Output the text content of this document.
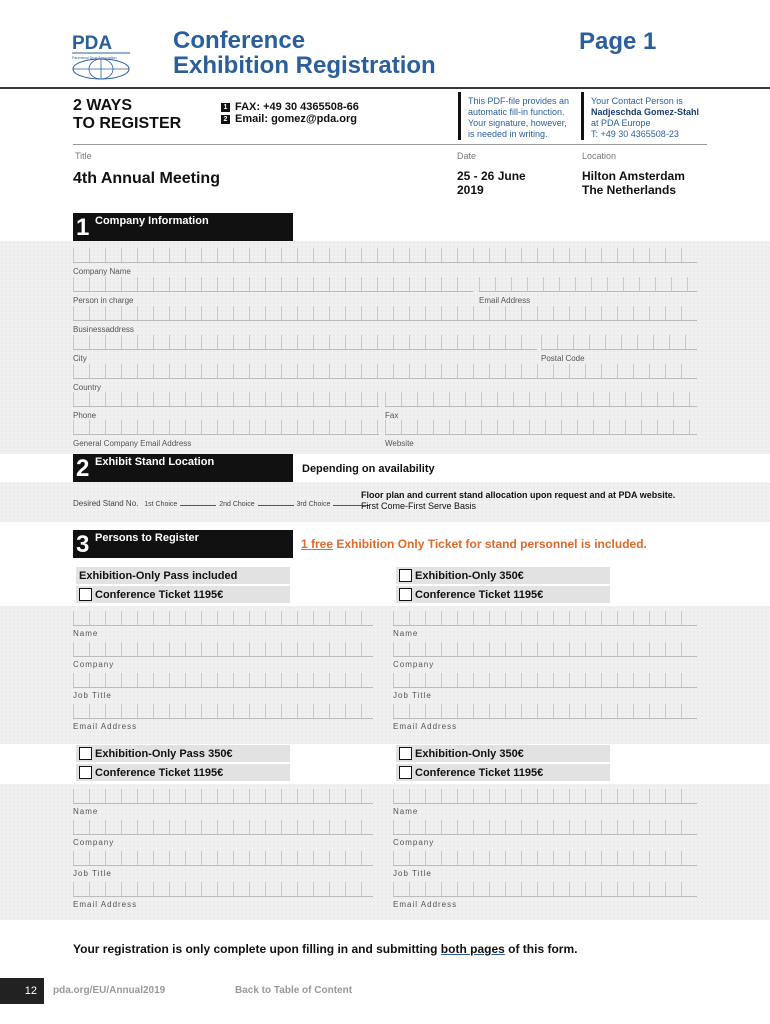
PDA
Parenteral Drug Association
Conference
Exhibition Registration
Page 1
2 WAYS
TO REGISTER
1 FAX: +49 30 4365508-66
2 Email: gomez@pda.org
This PDF-file provides an
automatic fill-in function.
Your signature, however,
is needed in writing.
Your Contact Person is
Nadjeschda Gomez-Stahl
at PDA Europe
T: +49 30 4365508-23
Title
4th Annual Meeting
Date
25 - 26 June
2019
Location
Hilton Amsterdam
The Netherlands
1 Company Information
Company Name
Person in charge	Email Address
Businessaddress
City	Postal Code
Country
Phone	Fax
General Company Email Address	Website
2 Exhibit Stand Location
Depending on availability
Desired Stand No. 1st Choice	2nd Choice	3rd Choice
Floor plan and current stand allocation upon request and at PDA website.
First Come-First Serve Basis
3 Persons to Register	1 free Exhibition Only Ticket for stand personnel is included.
Exhibition-Only Pass included
Conference Ticket 1195€
Exhibition-Only 350€
Conference Ticket 1195€
Name	Name
Company	Company
Job Title	Job Title
Email Address	Email Address
Exhibition-Only Pass 350€
Conference Ticket 1195€
Exhibition-Only 350€
Conference Ticket 1195€
Name	Name
Company	Company
Job Title	Job Title
Email Address	Email Address
Your registration is only complete upon filling in and submitting both pages of this form.
12	pda.org/EU/Annual2019	Back to Table of Content
